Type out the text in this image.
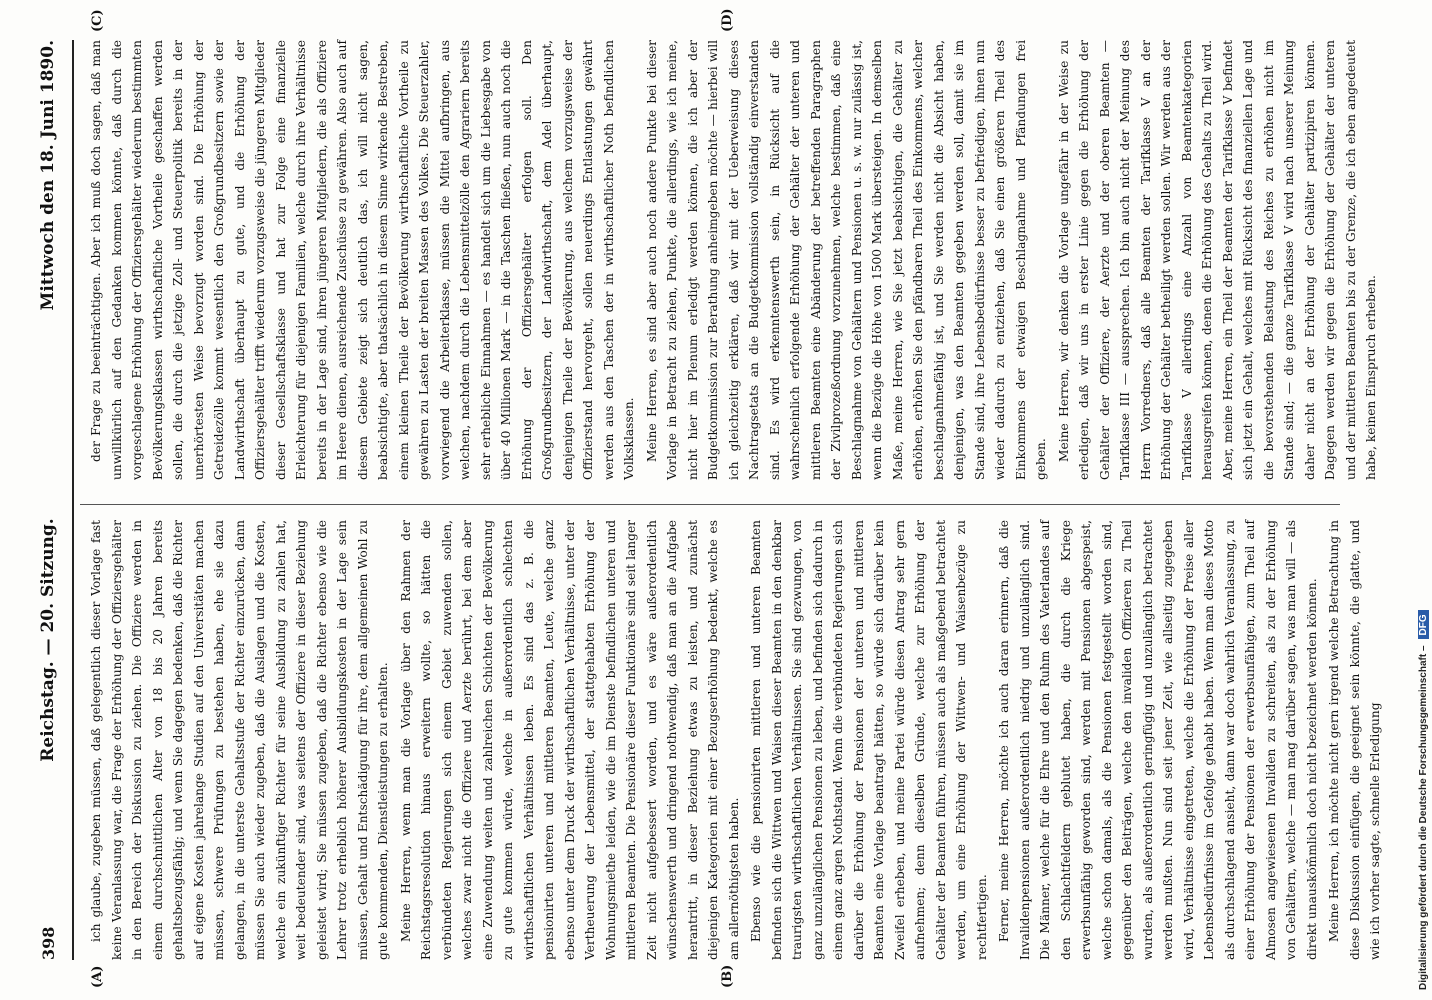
398
Reichstag. — 20. Sitzung.
Mittwoch den 18. Juni 1890.
(A)	(B)
(C)	(D)

ich glaube, zugeben müssen, daß gelegentlich dieser Vorlage fast keine Veranlassung war, die Frage der Erhöhung der Offiziersgehälter in den Bereich der Diskussion zu ziehen. Die Offiziere werden in einem durchschnittlichen Alter von 18 bis 20 Jahren bereits gehaltsbezugsfähig; und wenn Sie dagegen bedenken, daß die Richter auf eigene Kosten jahrelange Studien auf den Universitäten machen müssen, schwere Prüfungen zu bestehen haben, ehe sie dazu gelangen, in die unterste Gehaltsstufe der Richter einzurücken, dann müssen Sie auch wieder zugeben, daß die Auslagen und die Kosten, welche ein zukünftiger Richter für seine Ausbildung zu zahlen hat, weit bedeutender sind, was seitens der Offiziere in dieser Beziehung geleistet wird; Sie müssen zugeben, daß die Richter ebenso wie die Lehrer trotz erheblich höherer Ausbildungskosten in der Lage sein müssen, Gehalt und Entschädigung für ihre, dem allgemeinen Wohl zu gute kommenden, Dienstleistungen zu erhalten. Meine Herren, wenn man die Vorlage über den Rahmen der Reichstagsresolution hinaus erweitern wollte, so hätten die verbündeten Regierungen sich einem Gebiet zuwenden sollen, welches zwar nicht die Offiziere und Aerzte berührt, bei dem aber eine Zuwendung weiten und zahlreichen Schichten der Bevölkerung zu gute kommen würde, welche in außerordentlich schlechten wirthschaftlichen Verhältnissen leben. Es sind das z. B. die pensionirten unteren und mittleren Beamten, Leute, welche ganz ebenso unter dem Druck der wirthschaftlichen Verhältnisse, unter der Vertheuerung der Lebensmittel, der stattgehabten Erhöhung der Wohnungsmiethe leiden, wie die im Dienste befindlichen unteren und mittleren Beamten. Die Pensionäre dieser Funktionäre sind seit langer Zeit nicht aufgebessert worden, und es wäre außerordentlich wünschenswerth und dringend nothwendig, daß man an die Aufgabe herantritt, in dieser Beziehung etwas zu leisten, und zunächst diejenigen Kategorien mit einer Bezugserhöhung bedenkt, welche es am allernöthigsten haben. Ebenso wie die pensionirten mittleren und unteren Beamten befinden sich die Wittwen und Waisen dieser Beamten in den denkbar traurigsten wirthschaftlichen Verhältnissen. Sie sind gezwungen, von ganz unzulänglichen Pensionen zu leben, und befinden sich dadurch in einem ganz argen Nothstand. Wenn die verbündeten Regierungen sich darüber die Erhöhung der Pensionen der unteren und mittleren Beamten eine Vorlage beantragt hätten, so würde sich darüber kein Zweifel erheben, und meine Partei würde diesen Antrag sehr gern aufnehmen; denn dieselben Gründe, welche zur Erhöhung der Gehälter der Beamten führen, müssen auch als maßgebend betrachtet werden, um eine Erhöhung der Wittwen- und Waisenbezüge zu rechtfertigen. Ferner, meine Herren, möchte ich auch daran erinnern, daß die Invalidenpensionen außerordentlich niedrig und unzulänglich sind. Die Männer, welche für die Ehre und den Ruhm des Vaterlandes auf den Schlachtfeldern geblutet haben, die durch die Kriege erwerbsunfähig geworden sind, werden mit Pensionen abgespeist, welche schon damals, als die Pensionen festgestellt worden sind, gegenüber den Beiträgen, welche den invaliden Offizieren zu Theil wurden, als außerordentlich geringfügig und unzulänglich betrachtet werden mußten. Nun sind seit jener Zeit, wie allseitig zugegeben wird, Verhältnisse eingetreten, welche die Erhöhung der Preise aller Lebensbedürfnisse im Gefolge gehabt haben. Wenn man dieses Motto als durchschlagend ansieht, dann war doch wahrlich Veranlassung, zu einer Erhöhung der Pensionen der erwerbsunfähigen, zum Theil auf Almosen angewiesenen Invaliden zu schreiten, als zu der Erhöhung von Gehältern, welche — man mag darüber sagen, was man will — als direkt unausköm̃mlich doch nicht bezeichnet werden können. Meine Herren, ich möchte nicht gern irgend welche Betrachtung in diese Diskussion einfügen, die geeignet sein könnte, die glatte, und wie ich vorher sagte, schnelle Erledigung

der Frage zu beeinträchtigen. Aber ich muß doch sagen, daß man unwillkürlich auf den Gedanken kommen könnte, daß durch die vorgeschlagene Erhöhung der Offiziersgehälter wiederum bestimmten Bevölkerungsklassen wirthschaftliche Vortheile geschaffen werden sollen, die durch die jetzige Zoll- und Steuerpolitik bereits in der unerhörtesten Weise bevorzugt worden sind. Die Erhöhung der Getreidezölle kommt wesentlich den Großgrundbesitzern sowie der Landwirthschaft überhaupt zu gute, und die Erhöhung der Offiziersgehälter trifft wiederum vorzugsweise die jüngeren Mitglieder dieser Gesellschaftsklasse und hat zur Folge eine finanzielle Erleichterung für diejenigen Familien, welche durch ihre Verhältnisse bereits in der Lage sind, ihren jüngeren Mitgliedern, die als Offiziere im Heere dienen, ausreichende Zuschüsse zu gewähren. Also auch auf diesem Gebiete zeigt sich deutlich das, ich will nicht sagen, beabsichtigte, aber thatsächlich in diesem Sinne wirkende Bestreben, einem kleinen Theile der Bevölkerung wirthschaftliche Vortheile zu gewähren zu Lasten der breiten Massen des Volkes. Die Steuerzahler, vorwiegend die Arbeiterklasse, müssen die Mittel aufbringen, aus welchen, nachdem durch die Lebensmittelzölle den Agrariern bereits sehr erhebliche Einnahmen — es handelt sich um die Liebesgabe von über 40 Millionen Mark — in die Taschen fließen, nun auch noch die Erhöhung der Offiziersgehälter erfolgen soll. Den Großgrundbesitzern, der Landwirthschaft, dem Adel überhaupt, denjenigen Theile der Bevölkerung, aus welchem vorzugsweise der Offizierstand hervorgeht, sollen neuerdings Entlastungen gewährt werden aus den Taschen der in wirthschaftlicher Noth befindlichen Volksklassen. Meine Herren, es sind aber auch noch andere Punkte bei dieser Vorlage in Betracht zu ziehen, Punkte, die allerdings, wie ich meine, nicht hier im Plenum erledigt werden können, die ich aber der Budgetkommission zur Berathung anheimgeben möchte — hierbei will ich gleichzeitig erklären, daß wir mit der Ueberweisung dieses Nachtragsetats an die Budgetkommission vollständig einverstanden sind. Es wird erkenntenswerth sein, in Rücksicht auf die wahrscheinlich erfolgende Erhöhung der Gehälter der unteren und mittleren Beamten eine Abänderung der betreffenden Paragraphen der Zivilprozeßordnung vorzunehmen, welche bestimmen, daß eine Beschlagnahme von Gehältern und Pensionen u. s. w. nur zulässig ist, wenn die Bezüge die Höhe von 1500 Mark übersteigen. In demselben Maße, meine Herren, wie Sie jetzt beabsichtigen, die Gehälter zu erhöhen, erhöhen Sie den pfändbaren Theil des Einkommens, welcher beschlagnahmefähig ist, und Sie werden nicht die Absicht haben, denjenigen, was den Beamten gegeben werden soll, damit sie im Stande sind, ihre Lebensbedürfnisse besser zu befriedigen, ihnen nun wieder dadurch zu entziehen, daß Sie einen größeren Theil des Einkommens der etwaigen Beschlagnahme und Pfändungen frei geben. Meine Herren, wir denken die Vorlage ungefähr in der Weise zu erledigen, daß wir uns in erster Linie gegen die Erhöhung der Gehälter der Offiziere, der Aerzte und der oberen Beamten — Tarifklasse III — aussprechen. Ich bin auch nicht der Meinung des Herrn Vorredners, daß alle Beamten der Tarifklasse V an der Erhöhung der Gehälter betheiligt werden sollen. Wir werden aus der Tarifklasse V allerdings eine Anzahl von Beamtenkategorien herausgreifen können, denen die Erhöhung des Gehalts zu Theil wird. Aber, meine Herren, ein Theil der Beamten der Tarifklasse V befindet sich jetzt ein Gehalt, welches mit Rücksicht des finanziellen Lage und die bevorstehenden Belastung des Reiches zu erhöhen nicht im Stande sind; — die ganze Tarifklasse V wird nach unserer Meinung daher nicht an der Erhöhung der Gehälter partizipiren können. Dagegen werden wir gegen die Erhöhung der Gehälter der unteren und der mittleren Beamten bis zu der Grenze, die ich eben angedeutet habe, keinen Einspruch erheben.

Digitalisierung gefördert durch die Deutsche Forschungsgemeinschaft –DFG
